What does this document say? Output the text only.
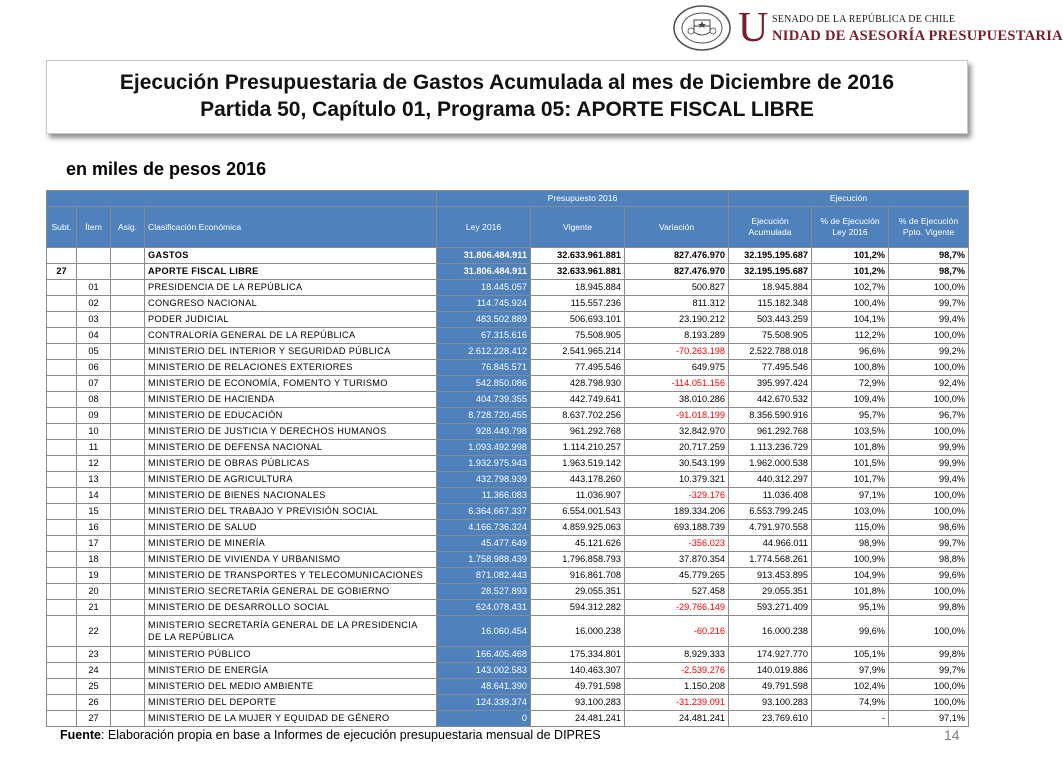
U SENADO DE LA REPÚBLICA DE CHILE
NIDAD DE ASESORÍA PRESUPUESTARIA
Ejecución Presupuestaria de Gastos Acumulada al mes de Diciembre de 2016
Partida 50, Capítulo 01, Programa 05: APORTE FISCAL LIBRE
en miles de pesos 2016
				Presupuesto 2016			Ejecución		
Subt.	Ítem	Asig.	Clasificación Económica	Ley 2016	Vigente	Variación	Ejecución Acumulada	% de Ejecución Ley 2016	% de Ejecución Ppto. Vigente
			GASTOS	31.806.484.911	32.633.961.881	827.476.970	32.195.195.687	101,2%	98,7%
27			APORTE FISCAL LIBRE	31.806.484.911	32.633.961.881	827.476.970	32.195.195.687	101,2%	98,7%
	01		PRESIDENCIA DE LA REPÚBLICA	18.445.057	18.945.884	500.827	18.945.884	102,7%	100,0%
	02		CONGRESO NACIONAL	114.745.924	115.557.236	811.312	115.182.348	100,4%	99,7%
	03		PODER JUDICIAL	483.502.889	506.693.101	23.190.212	503.443.259	104,1%	99,4%
	04		CONTRALORÍA GENERAL DE LA REPÚBLICA	67.315.616	75.508.905	8.193.289	75.508.905	112,2%	100,0%
	05		MINISTERIO DEL INTERIOR Y SEGURIDAD PÚBLICA	2.612.228.412	2.541.965.214	-70.263.198	2.522.788.018	96,6%	99,2%
	06		MINISTERIO DE RELACIONES EXTERIORES	76.845.571	77.495.546	649.975	77.495.546	100,8%	100,0%
	07		MINISTERIO DE ECONOMÍA, FOMENTO Y TURISMO	542.850.086	428.798.930	-114.051.156	395.997.424	72,9%	92,4%
	08		MINISTERIO DE HACIENDA	404.739.355	442.749.641	38.010.286	442.670.532	109,4%	100,0%
	09		MINISTERIO DE EDUCACIÓN	8.728.720.455	8.637.702.256	-91.018.199	8.356.590.916	95,7%	96,7%
	10		MINISTERIO DE JUSTICIA Y DERECHOS HUMANOS	928.449.798	961.292.768	32.842.970	961.292.768	103,5%	100,0%
	11		MINISTERIO DE DEFENSA NACIONAL	1.093.492.998	1.114.210.257	20.717.259	1.113.236.729	101,8%	99,9%
	12		MINISTERIO DE OBRAS PÚBLICAS	1.932.975.943	1.963.519.142	30.543.199	1.962.000.538	101,5%	99,9%
	13		MINISTERIO DE AGRICULTURA	432.798.939	443.178.260	10.379.321	440.312.297	101,7%	99,4%
	14		MINISTERIO DE BIENES NACIONALES	11.366.083	11.036.907	-329.176	11.036.408	97,1%	100,0%
	15		MINISTERIO DEL TRABAJO Y PREVISIÓN SOCIAL	6.364.667.337	6.554.001.543	189.334.206	6.553.799.245	103,0%	100,0%
	16		MINISTERIO DE SALUD	4.166.736.324	4.859.925.063	693.188.739	4.791.970.558	115,0%	98,6%
	17		MINISTERIO DE MINERÍA	45.477.649	45.121.626	-356.023	44.966.011	98,9%	99,7%
	18		MINISTERIO DE VIVIENDA Y URBANISMO	1.758.988.439	1.796.858.793	37.870.354	1.774.568.261	100,9%	98,8%
	19		MINISTERIO DE TRANSPORTES Y TELECOMUNICACIONES	871.082.443	916.861.708	45.779.265	913.453.895	104,9%	99,6%
	20		MINISTERIO SECRETARÍA GENERAL DE GOBIERNO	28.527.893	29.055.351	527.458	29.055.351	101,8%	100,0%
	21		MINISTERIO DE DESARROLLO SOCIAL	624.078.431	594.312.282	-29.766.149	593.271.409	95,1%	99,8%
	22		MINISTERIO SECRETARÍA GENERAL DE LA PRESIDENCIA DE LA REPÚBLICA	16.060.454	16.000.238	-60.216	16.000.238	99,6%	100,0%
	23		MINISTERIO PÚBLICO	166.405.468	175.334.801	8.929.333	174.927.770	105,1%	99,8%
	24		MINISTERIO DE ENERGÍA	143.002.583	140.463.307	-2.539.276	140.019.886	97,9%	99,7%
	25		MINISTERIO DEL MEDIO AMBIENTE	48.641.390	49.791.598	1.150.208	49.791.598	102,4%	100,0%
	26		MINISTERIO DEL DEPORTE	124.339.374	93.100.283	-31.239.091	93.100.283	74,9%	100,0%
	27		MINISTERIO DE LA MUJER Y EQUIDAD DE GÉNERO	0	24.481.241	24.481.241	23.769.610	-	97,1%
Fuente: Elaboración propia en base a Informes de ejecución presupuestaria mensual de DIPRES	14
